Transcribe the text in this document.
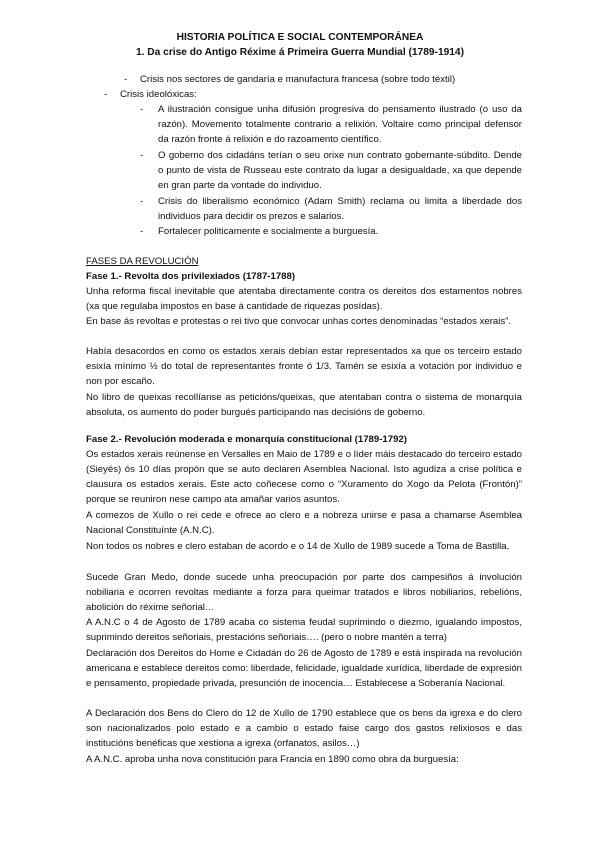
HISTORIA POLÍTICA E SOCIAL CONTEMPORÁNEA
1. Da crise do Antigo Réxime á Primeira Guerra Mundial (1789-1914)
- Crisis nos sectores de gandaría e manufactura francesa (sobre todo téxtil)
- Crisis ideolóxicas:
- A ilustración consigue unha difusión progresiva do pensamento ilustrado (o uso da razón). Movemento totalmente contrario a relixión. Voltaire como principal defensor da razón fronte á relixión e do razoamento científico.
- O goberno dos cidadáns terían o seu orixe nun contrato gobernante-súbdito. Dende o punto de vista de Russeau este contrato da lugar a desigualdade, xa que depende en gran parte da vontade do individuo.
- Crisis do liberalismo económico (Adam Smith) reclama ou limita a liberdade dos individuos para decidir os prezos e salarios.
- Fortalecer politicamente e socialmente a burguesía.
FASES DA REVOLUCIÓN
Fase 1.- Revolta dos privilexiados (1787-1788)
Unha reforma fiscal inevitable que atentaba directamente contra os dereitos dos estamentos nobres (xa que regulaba impostos en base á cantidade de riquezas posídas).
En base ás revoltas e protestas o rei tivo que convocar unhas cortes denominadas “estados xerais”.
Había desacordos en como os estados xerais debían estar representados xa que os terceiro estado esixía mínimo ½ do total de representantes fronte ó 1/3. Tamén se esixía a votación por individuo e non por escaño.
No libro de queixas recollíanse as peticións/queixas, que atentaban contra o sistema de monarquía absoluta, os aumento do poder burgués participando nas decisións de goberno.
Fase 2.- Revolución moderada e monarquía constitucional (1789-1792)
Os estados xerais reúnense en Versalles en Maio de 1789 e o líder máis destacado do terceiro estado (Sieyés) ós 10 días propón que se auto declaren Asemblea Nacional. Isto agudiza a crise política e clausura os estados xerais. Este acto coñecese como o “Xuramento do Xogo da Pelota (Frontón)” porque se reuniron nese campo ata amañar varios asuntos.
A comezos de Xullo o rei cede e ofrece ao clero e a nobreza unirse e pasa a chamarse Asemblea Nacional Constituínte (A.N.C).
Non todos os nobres e clero estaban de acordo e o 14 de Xullo de 1989 sucede a Toma de Bastilla.
Sucede Gran Medo, donde sucede unha preocupación por parte dos campesiños á involución nobiliaria e ocorren revoltas mediante a forza para queimar tratados e libros nobiliarios, rebelións, abolición do réxime señorial…
A A.N.C o 4 de Agosto de 1789 acaba co sistema feudal suprimindo o diezmo, igualando impostos, suprimindo dereitos señoriais, prestacións señoriais…. (pero o nobre mantén a terra)
Declaración dos Dereitos do Home e Cidadán do 26 de Agosto de 1789 e está inspirada na revolución americana e establece dereitos como: liberdade, felicidade, igualdade xurídica, liberdade de expresión e pensamento, propiedade privada, presunción de inocencia… Establecese a Soberanía Nacional.
A Declaración dos Bens do Clero do 12 de Xullo de 1790 establece que os bens da igrexa e do clero son nacionalizados polo estado e a cambio o estado faise cargo dos gastos relixiosos e das institucións benéficas que xestiona a igrexa (orfanatos, asilos…)
A A.N.C. aproba unha nova constitución para Francia en 1890 como obra da burguesía:
